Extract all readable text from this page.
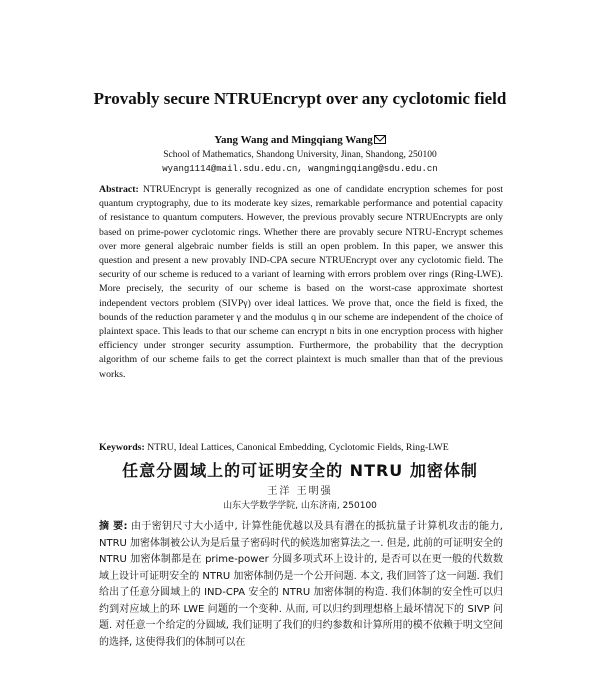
Provably secure NTRUEncrypt over any cyclotomic field
Yang Wang and Mingqiang Wang
School of Mathematics, Shandong University, Jinan, Shandong, 250100
wyang1114@mail.sdu.edu.cn, wangmingqiang@sdu.edu.cn
Abstract: NTRUEncrypt is generally recognized as one of candidate encryption schemes for post quantum cryptography, due to its moderate key sizes, remarkable performance and potential capacity of resistance to quantum computers. However, the previous provably secure NTRUEncrypts are only based on prime-power cyclotomic rings. Whether there are provably secure NTRU-Encrypt schemes over more general algebraic number fields is still an open problem. In this paper, we answer this question and present a new provably IND-CPA secure NTRUEncrypt over any cyclotomic field. The security of our scheme is reduced to a variant of learning with errors problem over rings (Ring-LWE). More precisely, the security of our scheme is based on the worst-case approximate shortest independent vectors problem (SIVPγ) over ideal lattices. We prove that, once the field is fixed, the bounds of the reduction parameter γ and the modulus q in our scheme are independent of the choice of plaintext space. This leads to that our scheme can encrypt n bits in one encryption process with higher efficiency under stronger security assumption. Furthermore, the probability that the decryption algorithm of our scheme fails to get the correct plaintext is much smaller than that of the previous works.
Keywords: NTRU, Ideal Lattices, Canonical Embedding, Cyclotomic Fields, Ring-LWE
任意分圆域上的可证明安全的 NTRU 加密体制
王洋 王明强
山东大学数学学院, 山东济南, 250100
摘 要: 由于密钥尺寸大小适中, 计算性能优越以及具有潜在的抵抗量子计算机攻击的能力, NTRU 加密体制被公认为是后量子密码时代的候选加密算法之一. 但是, 此前的可证明安全的 NTRU 加密体制都是在 prime-power 分圆多项式环上设计的, 是否可以在更一般的代数数域上设计可证明安全的 NTRU 加密体制仍是一个公开问题. 本文, 我们回答了这一问题. 我们给出了任意分圆域上的 IND-CPA 安全的 NTRU 加密体制的构造. 我们体制的安全性可以归约到对应域上的环 LWE 问题的一个变种. 从而, 可以归约到理想格上最坏情况下的 SIVP 问题. 对任意一个给定的分圆域, 我们证明了我们的归约参数和计算所用的模不依赖于明文空间的选择, 这使得我们的体制可以在
